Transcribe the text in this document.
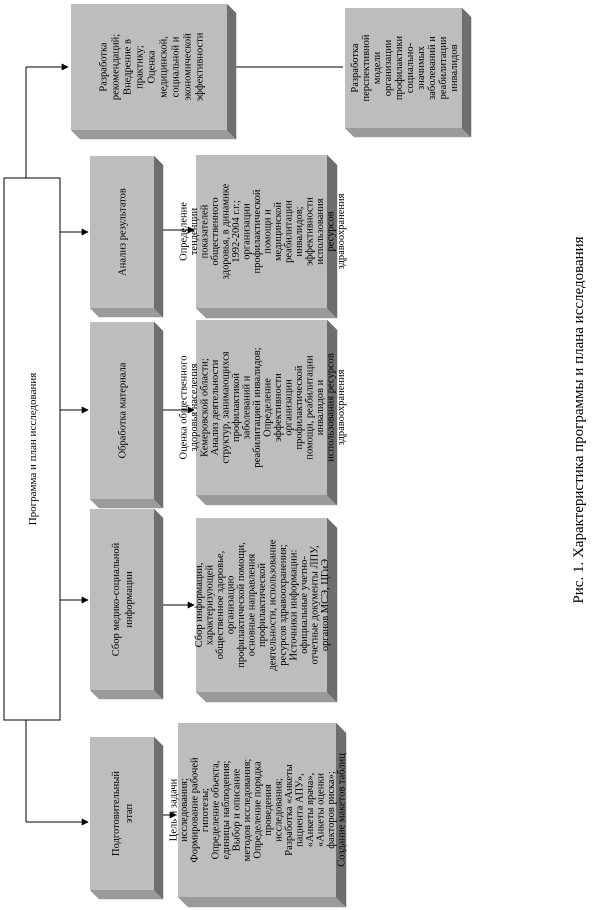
Программа и план исследования
Подготовительный этап	Цель и задачиисследования;Формирование рабочейгипотезы;Определение объекта,единицы наблюдения;Выбор и описаниеметодов исследования;Определение порядкапроведенияисследования;Разработка «Анкетыпациента АПУ»,«Анкеты врача»,«Анкеты оценкифакторов риска»;Создание макетов таблиц
Сбор медико-социальной информации	Сбор информации,характеризующейобщественное здоровье,организациюпрофилактической помощи,основные направленияпрофилактическойдеятельности, использованиересурсов здравоохранения;Источники информации:официальные учетно-отчетные документы ЛПУ,органов МСЭ, ЦГиЭ
Обработка материала	Оценка общественногоздоровья населенияКемеровской области;Анализ деятельностиструктур, занимающихсяпрофилактикойзаболеваний иреабилитацией инвалидов;Определениеэффективностиорганизациипрофилактическойпомощи, реабилитацииинвалидов ииспользования ресурсовздравоохранения
Анализ результатов	Определениетенденциипоказателейобщественногоздоровья, в динамике1992-2004 г.г.;организациипрофилактическойпомощи имедицинскойреабилитацииинвалидов;эффективностииспользованияресурсовздравоохранения
Разработкарекомендаций;Внедрение впрактику;Оценкамедицинской,социальной иэкономическойэффективности	Разработкаперспективноймоделиорганизациипрофилактикисоциально-значимыхзаболеваний иреабилитацииинвалидов
Рис. 1. Характеристика программы и плана исследования
